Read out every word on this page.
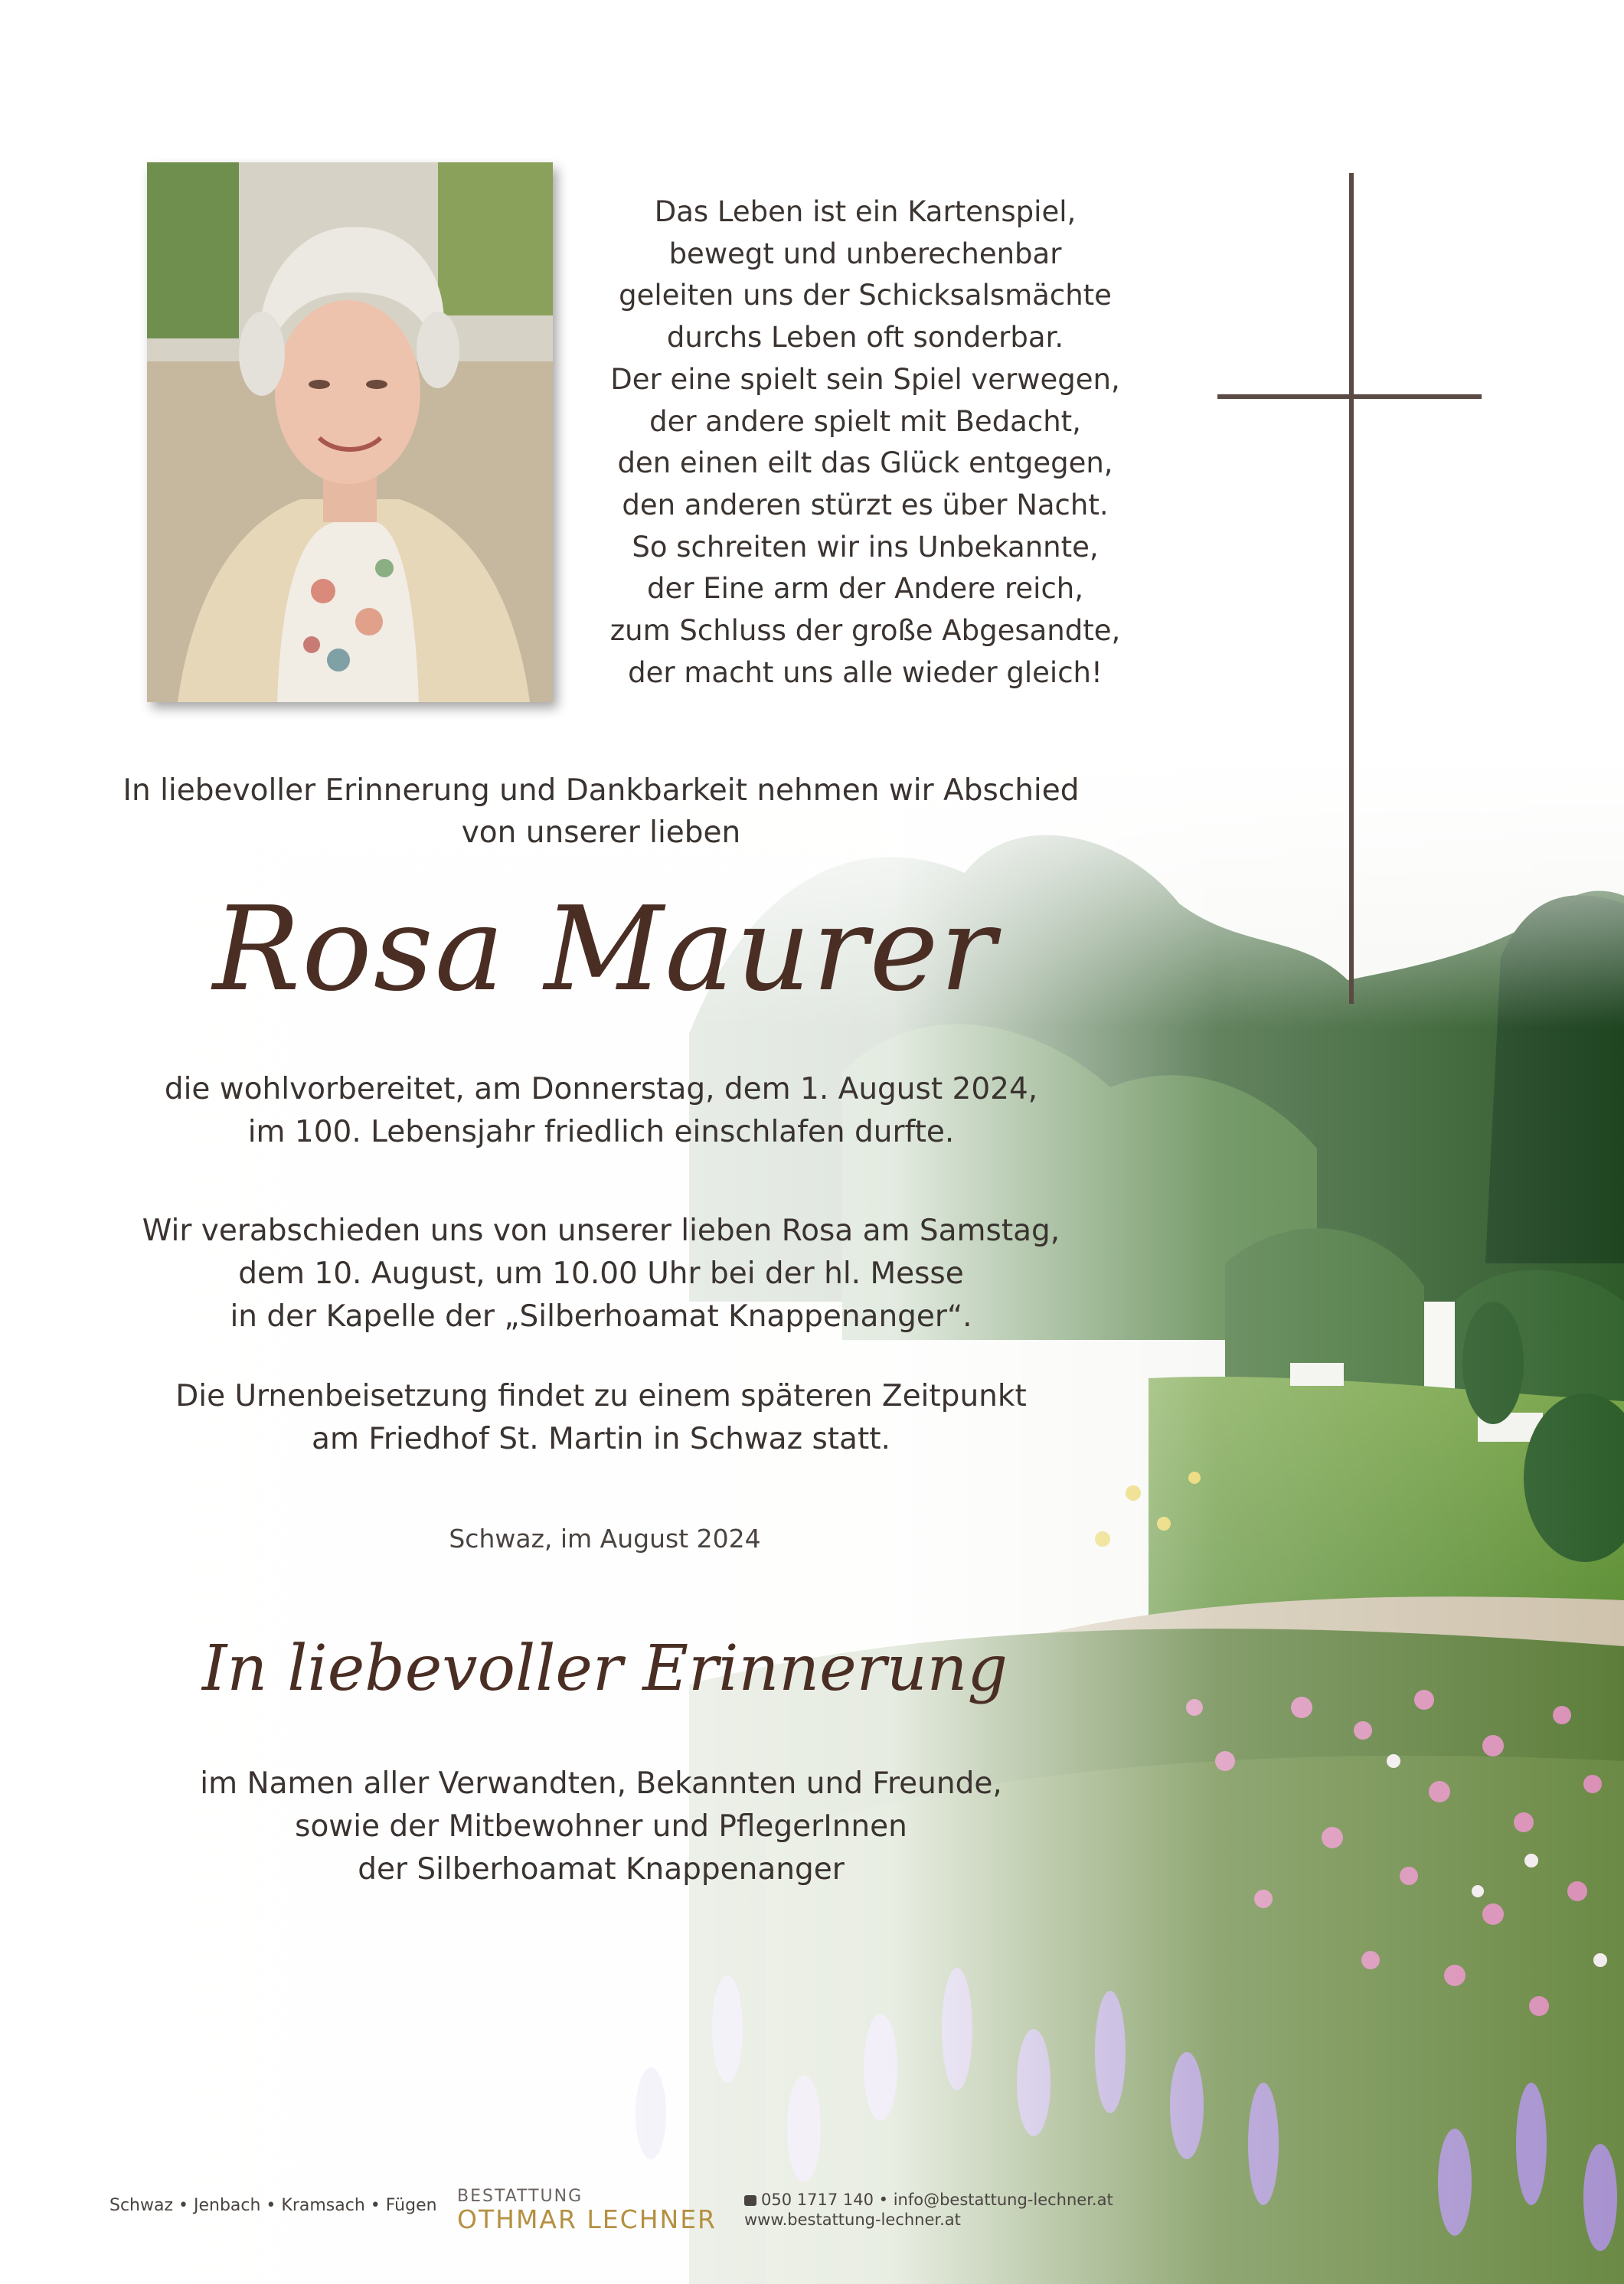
Das Leben ist ein Kartenspiel,
bewegt und unberechenbar
geleiten uns der Schicksalsmächte
durchs Leben oft sonderbar.
Der eine spielt sein Spiel verwegen,
der andere spielt mit Bedacht,
den einen eilt das Glück entgegen,
den anderen stürzt es über Nacht.
So schreiten wir ins Unbekannte,
der Eine arm der Andere reich,
zum Schluss der große Abgesandte,
der macht uns alle wieder gleich!
In liebevoller Erinnerung und Dankbarkeit nehmen wir Abschied
von unserer lieben
Rosa Maurer
die wohlvorbereitet, am Donnerstag, dem 1. August 2024,
im 100. Lebensjahr friedlich einschlafen durfte.
Wir verabschieden uns von unserer lieben Rosa am Samstag,
dem 10. August, um 10.00 Uhr bei der hl. Messe
in der Kapelle der „Silberhoamat Knappenanger“.
Die Urnenbeisetzung findet zu einem späteren Zeitpunkt
am Friedhof St. Martin in Schwaz statt.
Schwaz, im August 2024
In liebevoller Erinnerung
im Namen aller Verwandten, Bekannten und Freunde,
sowie der Mitbewohner und PflegerInnen
der Silberhoamat Knappenanger
Schwaz • Jenbach • Kramsach • Fügen BESTATTUNG
OTHMAR LECHNER
050 1717 140 • info@bestattung-lechner.at
www.bestattung-lechner.at
